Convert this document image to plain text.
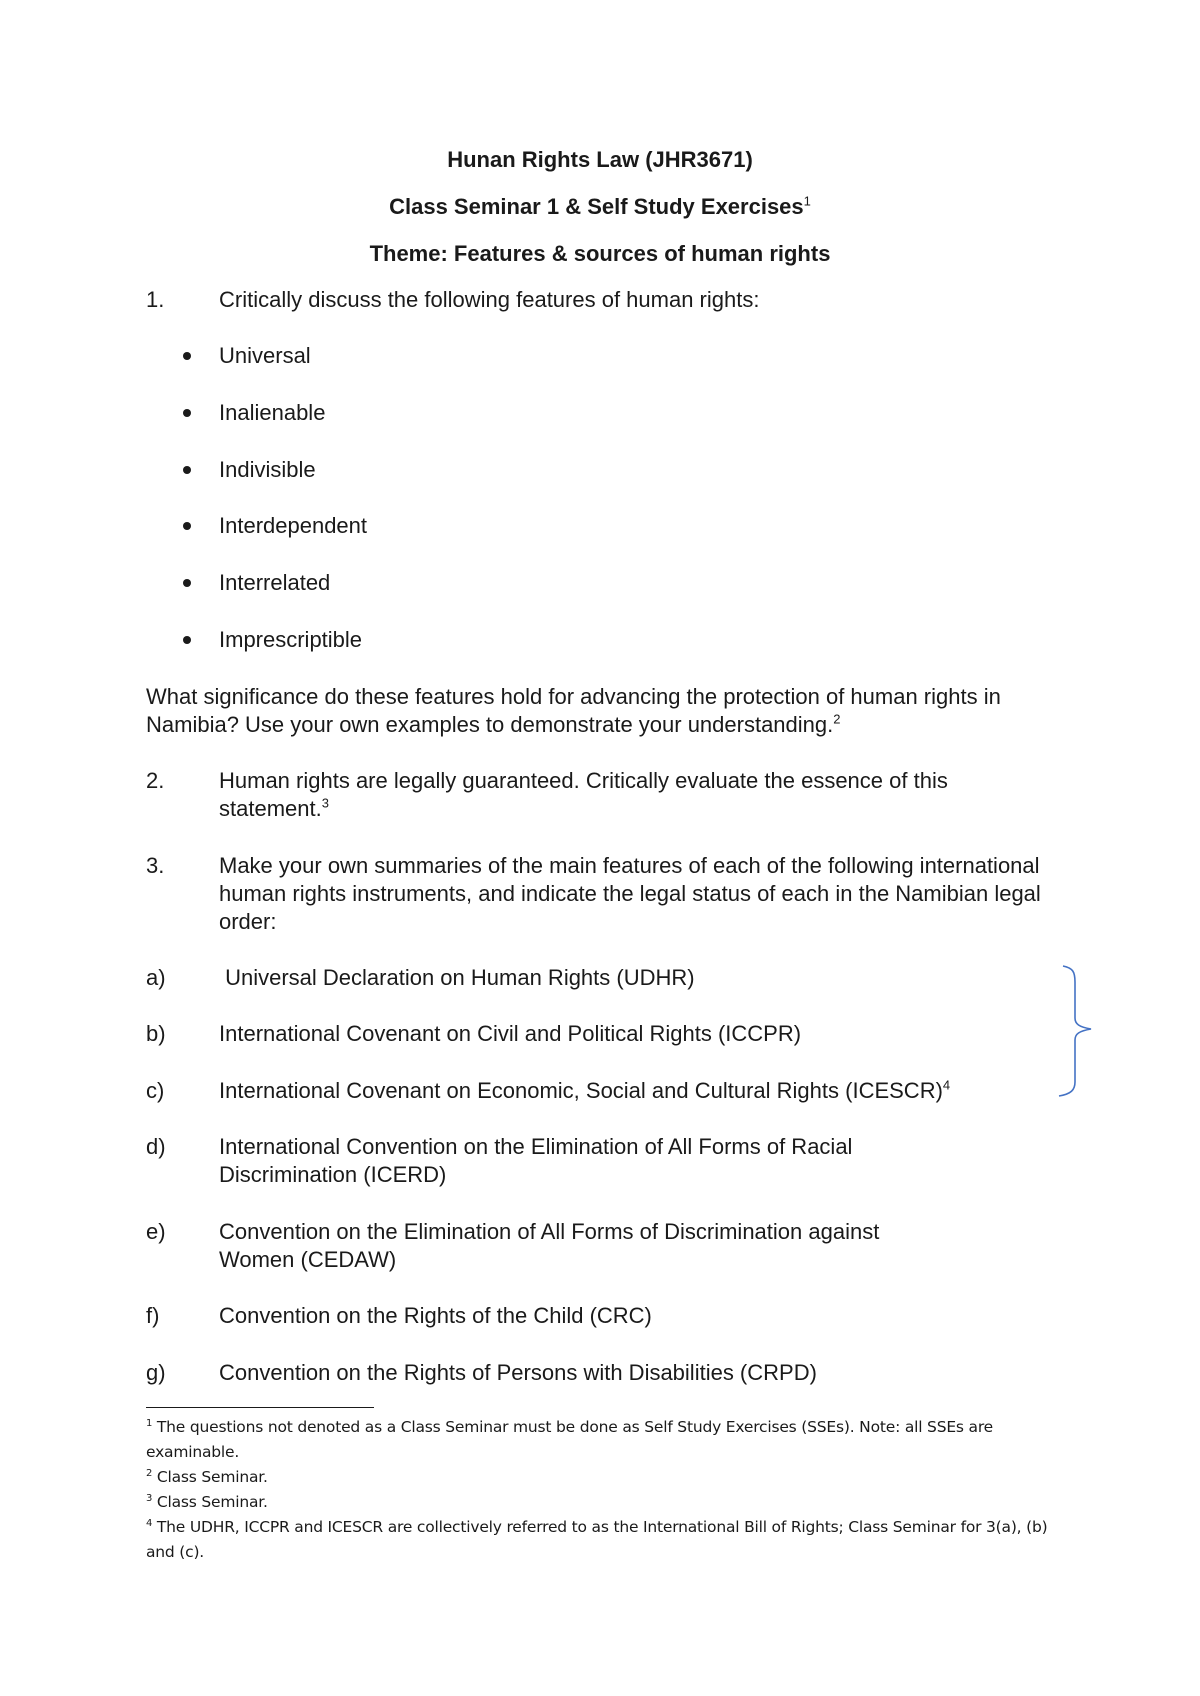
Hunan Rights Law (JHR3671)
Class Seminar 1 & Self Study Exercises$^1$
Theme: Features & sources of human rights
1. Critically discuss the following features of human rights:
Universal
Inalienable
Indivisible
Interdependent
Interrelated
Imprescriptible
What significance do these features hold for advancing the protection of human rights in Namibia? Use your own examples to demonstrate your understanding.$^2$
2. Human rights are legally guaranteed. Critically evaluate the essence of this statement.$^3$
3. Make your own summaries of the main features of each of the following international human rights instruments, and indicate the legal status of each in the Namibian legal order:
a) Universal Declaration on Human Rights (UDHR)
b) International Covenant on Civil and Political Rights (ICCPR)
c) International Covenant on Economic, Social and Cultural Rights (ICESCR)$^4$
d) International Convention on the Elimination of All Forms of Racial Discrimination (ICERD)
e) Convention on the Elimination of All Forms of Discrimination against Women (CEDAW)
f)	Convention on the Rights of the Child (CRC)
g) Convention on the Rights of Persons with Disabilities (CRPD)
$^1$ The questions not denoted as a Class Seminar must be done as Self Study Exercises (SSEs). Note: all SSEs are examinable.
$^2$ Class Seminar.
$^3$ Class Seminar.
$^4$ The UDHR, ICCPR and ICESCR are collectively referred to as the International Bill of Rights; Class Seminar for 3(a), (b) and (c).
